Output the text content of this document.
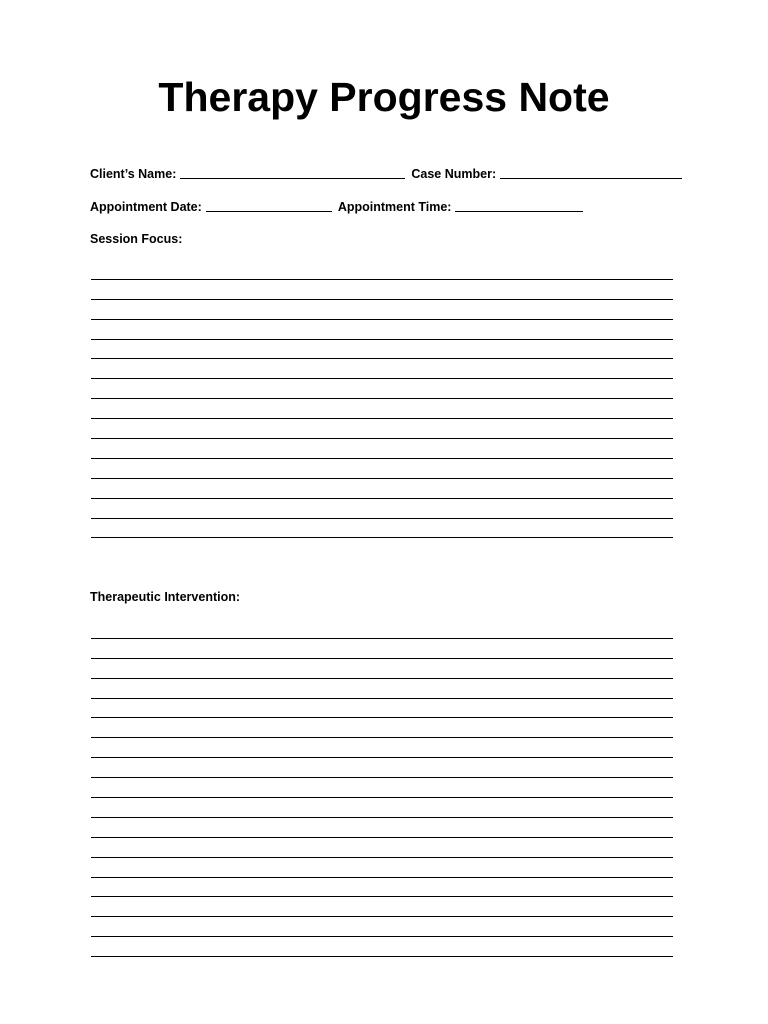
Therapy Progress Note
Client’s Name:	Case Number:
Appointment Date:	Appointment Time:
Session Focus:
Therapeutic Intervention:
